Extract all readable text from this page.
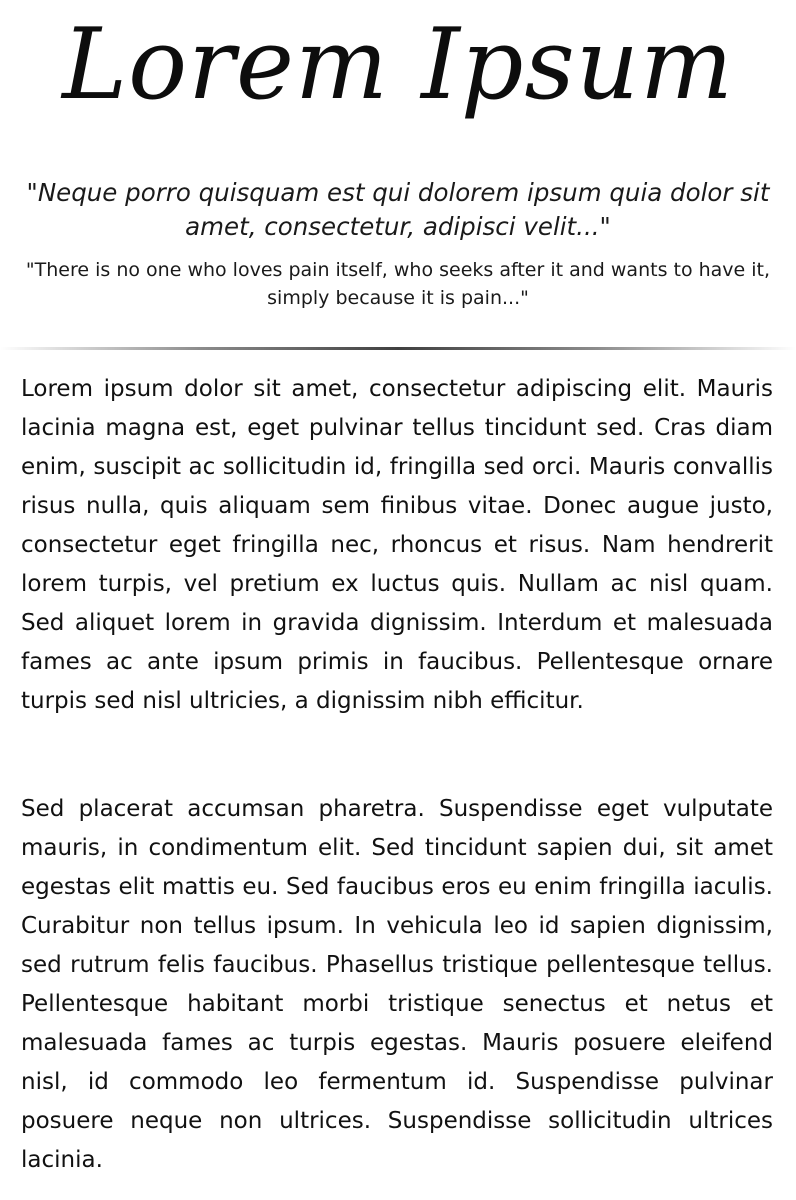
Lorem Ipsum
"Neque porro quisquam est qui dolorem ipsum quia dolor sit amet, consectetur, adipisci velit..."
"There is no one who loves pain itself, who seeks after it and wants to have it, simply because it is pain..."

Lorem ipsum dolor sit amet, consectetur adipiscing elit. Mauris lacinia magna est, eget pulvinar tellus tincidunt sed. Cras diam enim, suscipit ac sollicitudin id, fringilla sed orci. Mauris convallis risus nulla, quis aliquam sem finibus vitae. Donec augue justo, consectetur eget fringilla nec, rhoncus et risus. Nam hendrerit lorem turpis, vel pretium ex luctus quis. Nullam ac nisl quam. Sed aliquet lorem in gravida dignissim. Interdum et malesuada fames ac ante ipsum primis in faucibus. Pellentesque ornare turpis sed nisl ultricies, a dignissim nibh efficitur.

Sed placerat accumsan pharetra. Suspendisse eget vulputate mauris, in condimentum elit. Sed tincidunt sapien dui, sit amet egestas elit mattis eu. Sed faucibus eros eu enim fringilla iaculis. Curabitur non tellus ipsum. In vehicula leo id sapien dignissim, sed rutrum felis faucibus. Phasellus tristique pellentesque tellus. Pellentesque habitant morbi tristique senectus et netus et malesuada fames ac turpis egestas. Mauris posuere eleifend nisl, id commodo leo fermentum id. Suspendisse pulvinar posuere neque non ultrices. Suspendisse sollicitudin ultrices lacinia.
